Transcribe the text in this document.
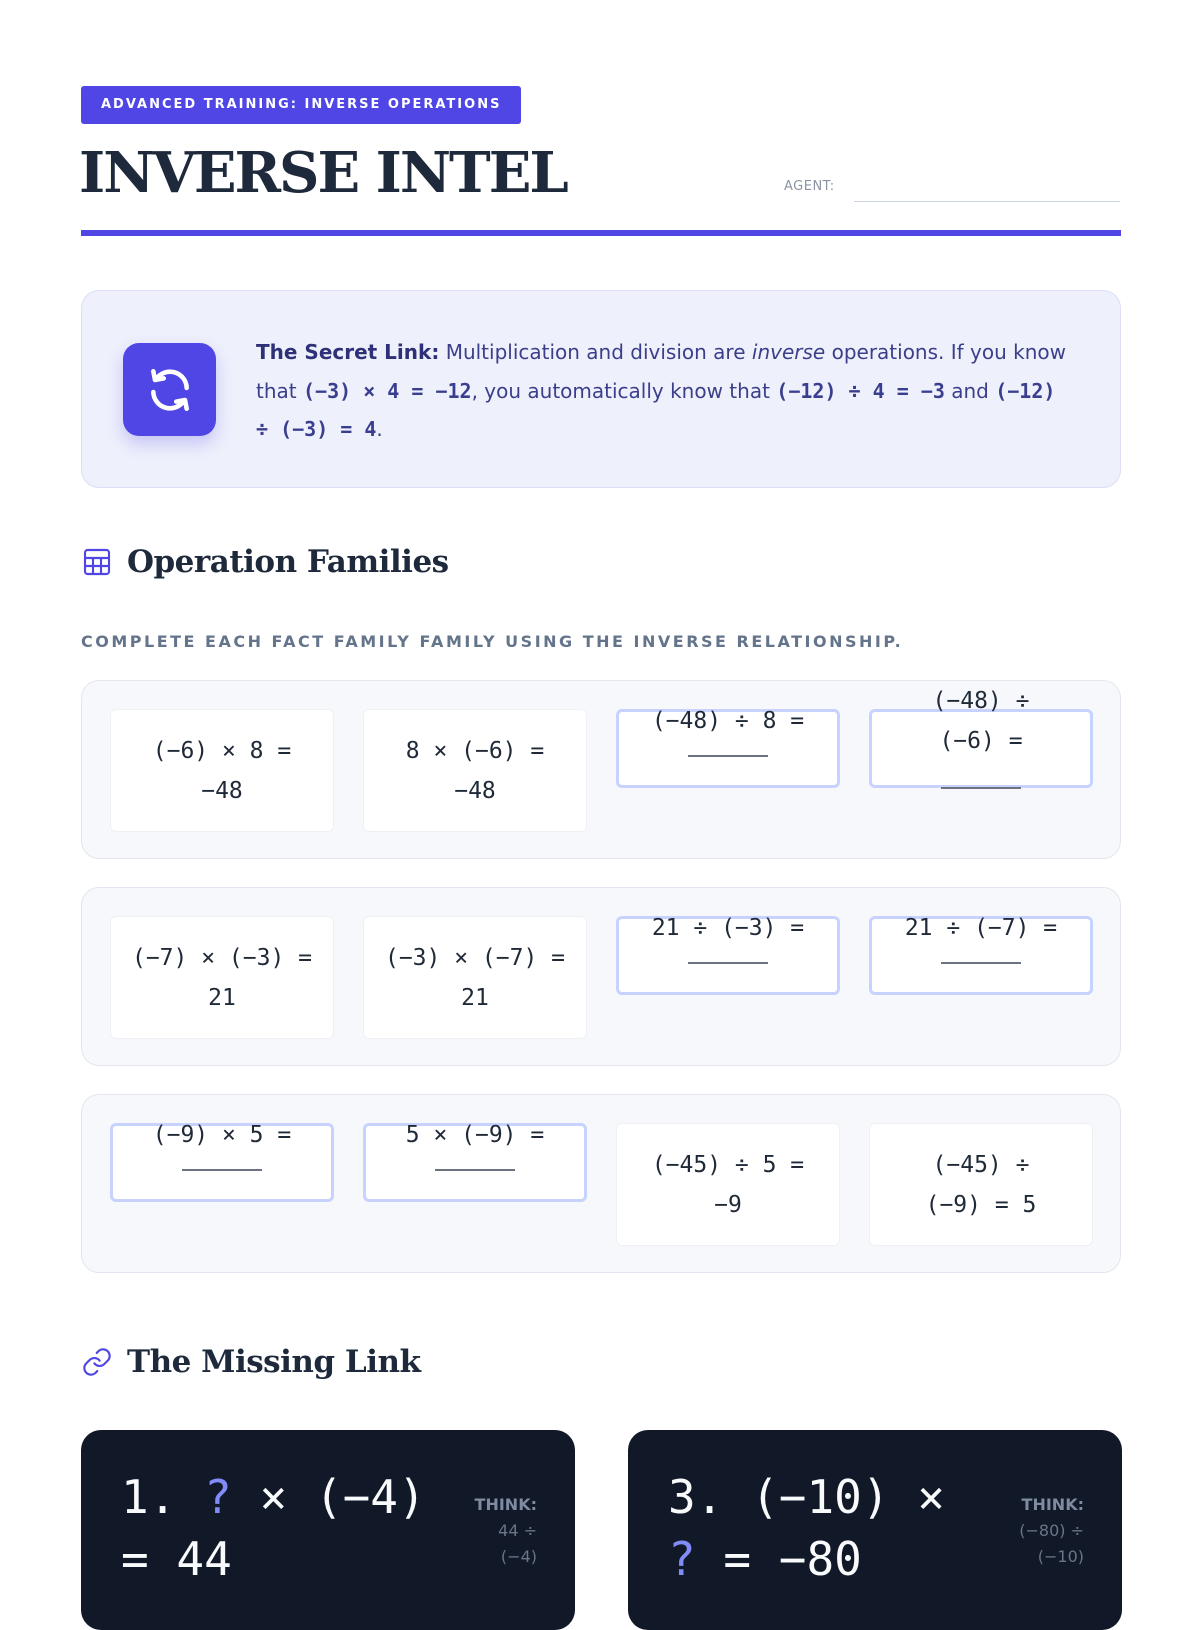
ADVANCED TRAINING: INVERSE OPERATIONS
INVERSE INTEL	AGENT:
The Secret Link: Multiplication and division are inverse operations. If you know that (−3) × 4 = −12, you automatically know that (−12) ÷ 4 = −3 and (−12) ÷ (−3) = 4.
Operation Families
COMPLETE EACH FACT FAMILY FAMILY USING THE INVERSE RELATIONSHIP.
(−6) × 8 = −48
8 × (−6) = −48
(−48) ÷ 8 =
(−48) ÷ (−6) =
(−7) × (−3) = 21
(−3) × (−7) = 21
21 ÷ (−3) =	21 ÷ (−7) =
(−9) × 5 =	5 × (−9) =
(−45) ÷ 5 = −9
(−45) ÷ (−9) = 5
The Missing Link
1. ? × (−4) = 44
THINK:
44 ÷ (−4)
3. (−10) × ? = −80
THINK:
(−80) ÷ (−10)
